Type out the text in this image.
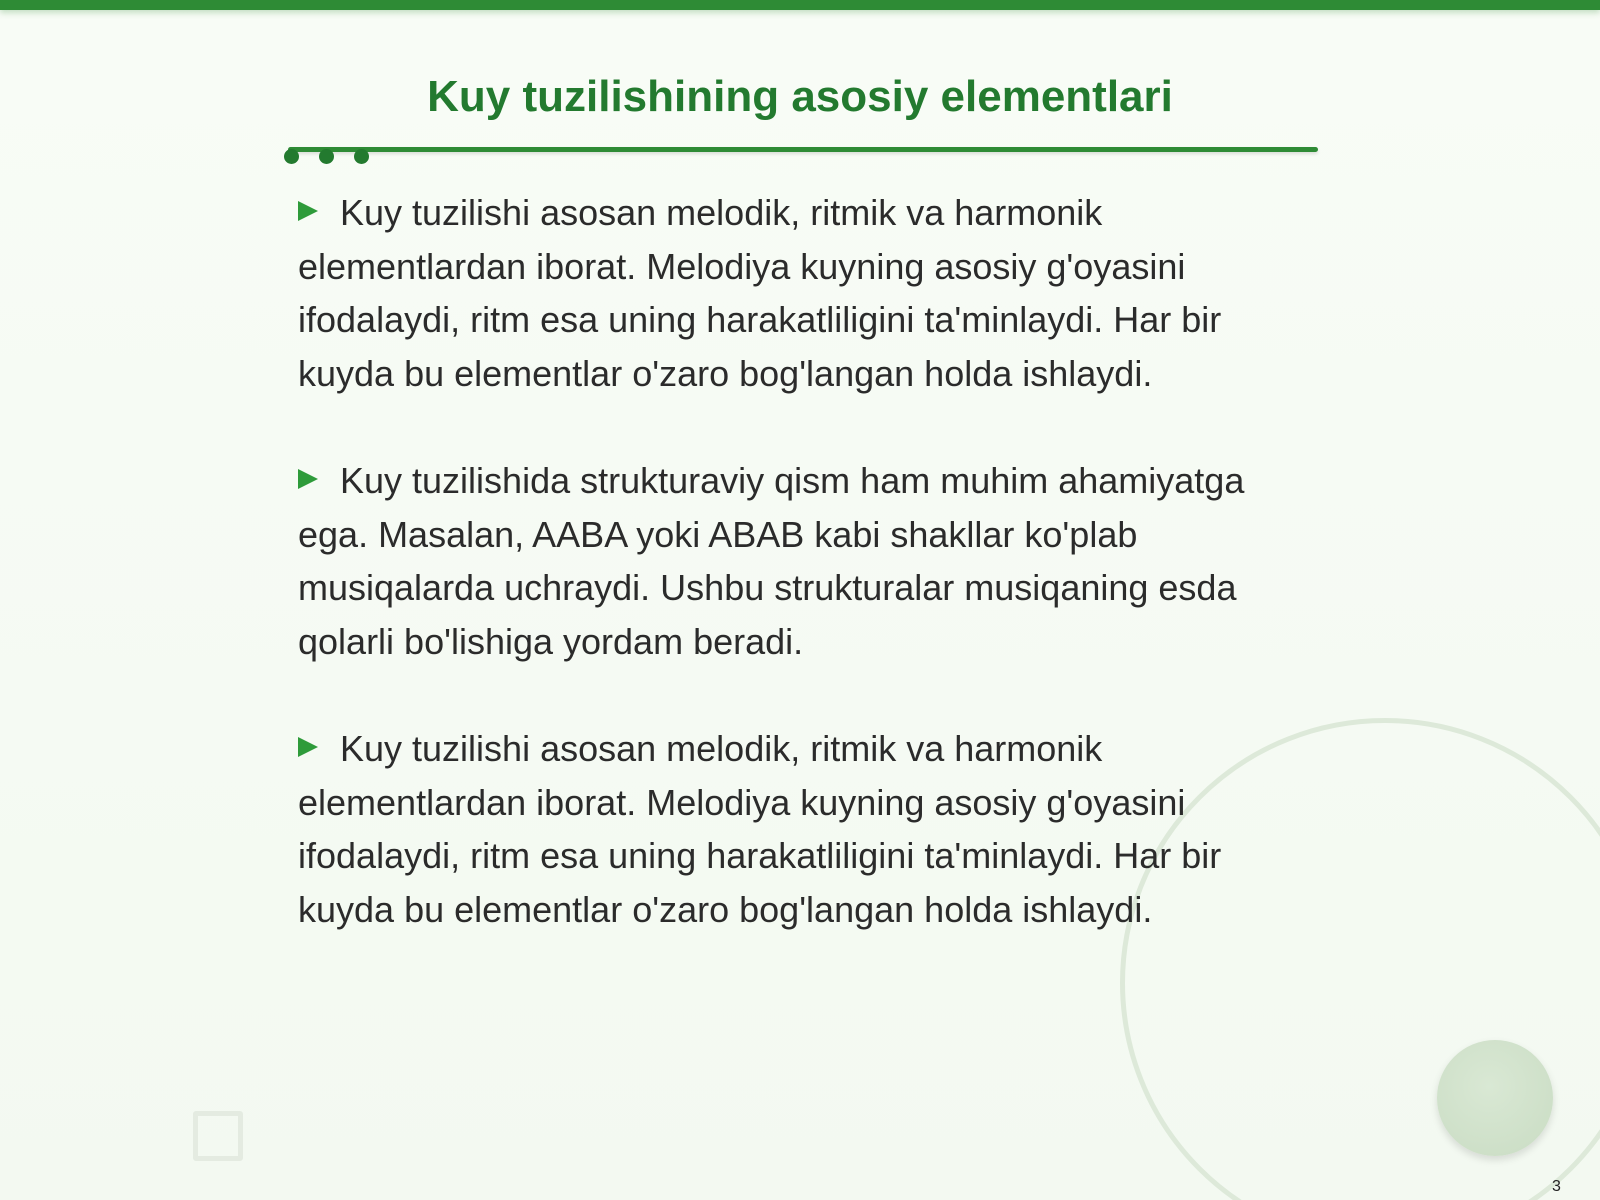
Kuy tuzilishining asosiy elementlari

Kuy tuzilishi asosan melodik, ritmik va harmonik elementlardan iborat. Melodiya kuyning asosiy g'oyasini ifodalaydi, ritm esa uning harakatliligini ta'minlaydi. Har bir kuyda bu elementlar o'zaro bog'langan holda ishlaydi.

Kuy tuzilishida strukturaviy qism ham muhim ahamiyatga ega. Masalan, AABA yoki ABAB kabi shakllar ko'plab musiqalarda uchraydi. Ushbu strukturalar musiqaning esda qolarli bo'lishiga yordam beradi.

Kuy tuzilishi asosan melodik, ritmik va harmonik elementlardan iborat. Melodiya kuyning asosiy g'oyasini ifodalaydi, ritm esa uning harakatliligini ta'minlaydi. Har bir kuyda bu elementlar o'zaro bog'langan holda ishlaydi.

3
